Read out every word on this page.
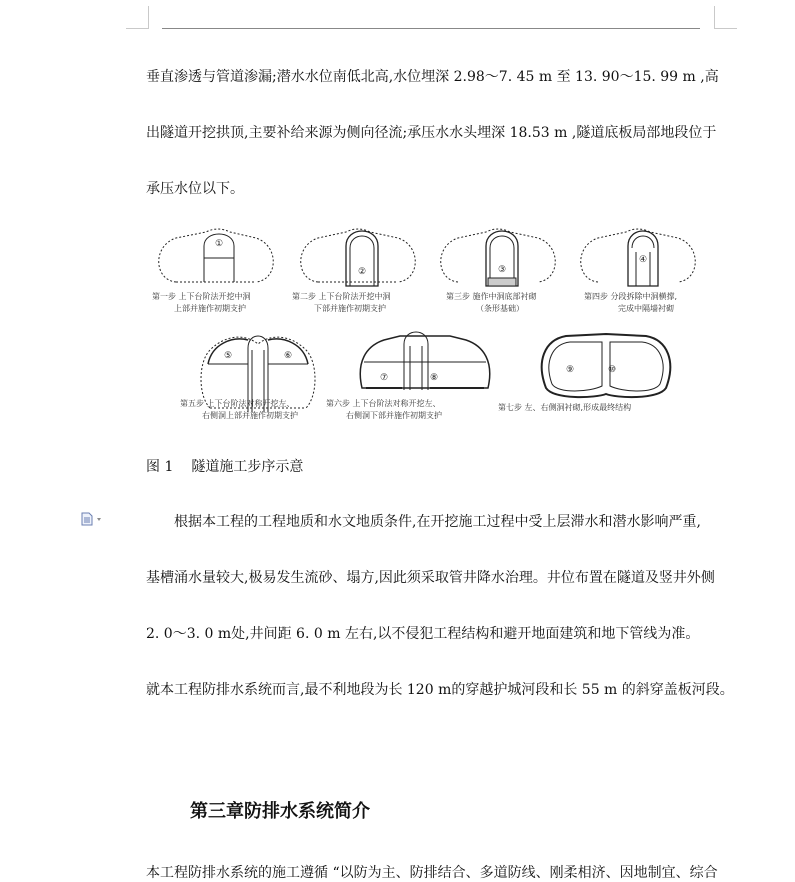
垂直渗透与管道渗漏;潜水水位南低北高,水位埋深 2.98～7. 45 m 至 13. 90～15. 99 m ,高
出隧道开挖拱顶,主要补给来源为侧向径流;承压水水头埋深 18.53 m ,隧道底板局部地段位于
承压水位以下。
①
②	③
④
⑤	⑥
⑦	⑧
⑨	⑩
第一步 上下台阶法开挖中洞
上部并施作初期支护
第二步 上下台阶法开挖中洞
下部并施作初期支护
第三步 施作中洞底部衬砌
（条形基础）
第四步 分段拆除中洞横撑,
完成中隔墙衬砌
第五步 上下台阶法对称开挖左、
右侧洞上部并施作初期支护
第六步 上下台阶法对称开挖左、
右侧洞下部并施作初期支护
第七步 左、右侧洞衬砌,形成最终结构
图 1 隧道施工步序示意
根据本工程的工程地质和水文地质条件,在开挖施工过程中受上层滞水和潜水影响严重,
基槽涌水量较大,极易发生流砂、塌方,因此须采取管井降水治理。井位布置在隧道及竖井外侧
2. 0～3. 0 m处,井间距 6. 0 m 左右,以不侵犯工程结构和避开地面建筑和地下管线为准。
就本工程防排水系统而言,最不利地段为长 120 m的穿越护城河段和长 55 m 的斜穿盖板河段。
第三章防排水系统简介
本工程防排水系统的施工遵循 “以防为主、防排结合、多道防线、刚柔相济、因地制宜、综合
